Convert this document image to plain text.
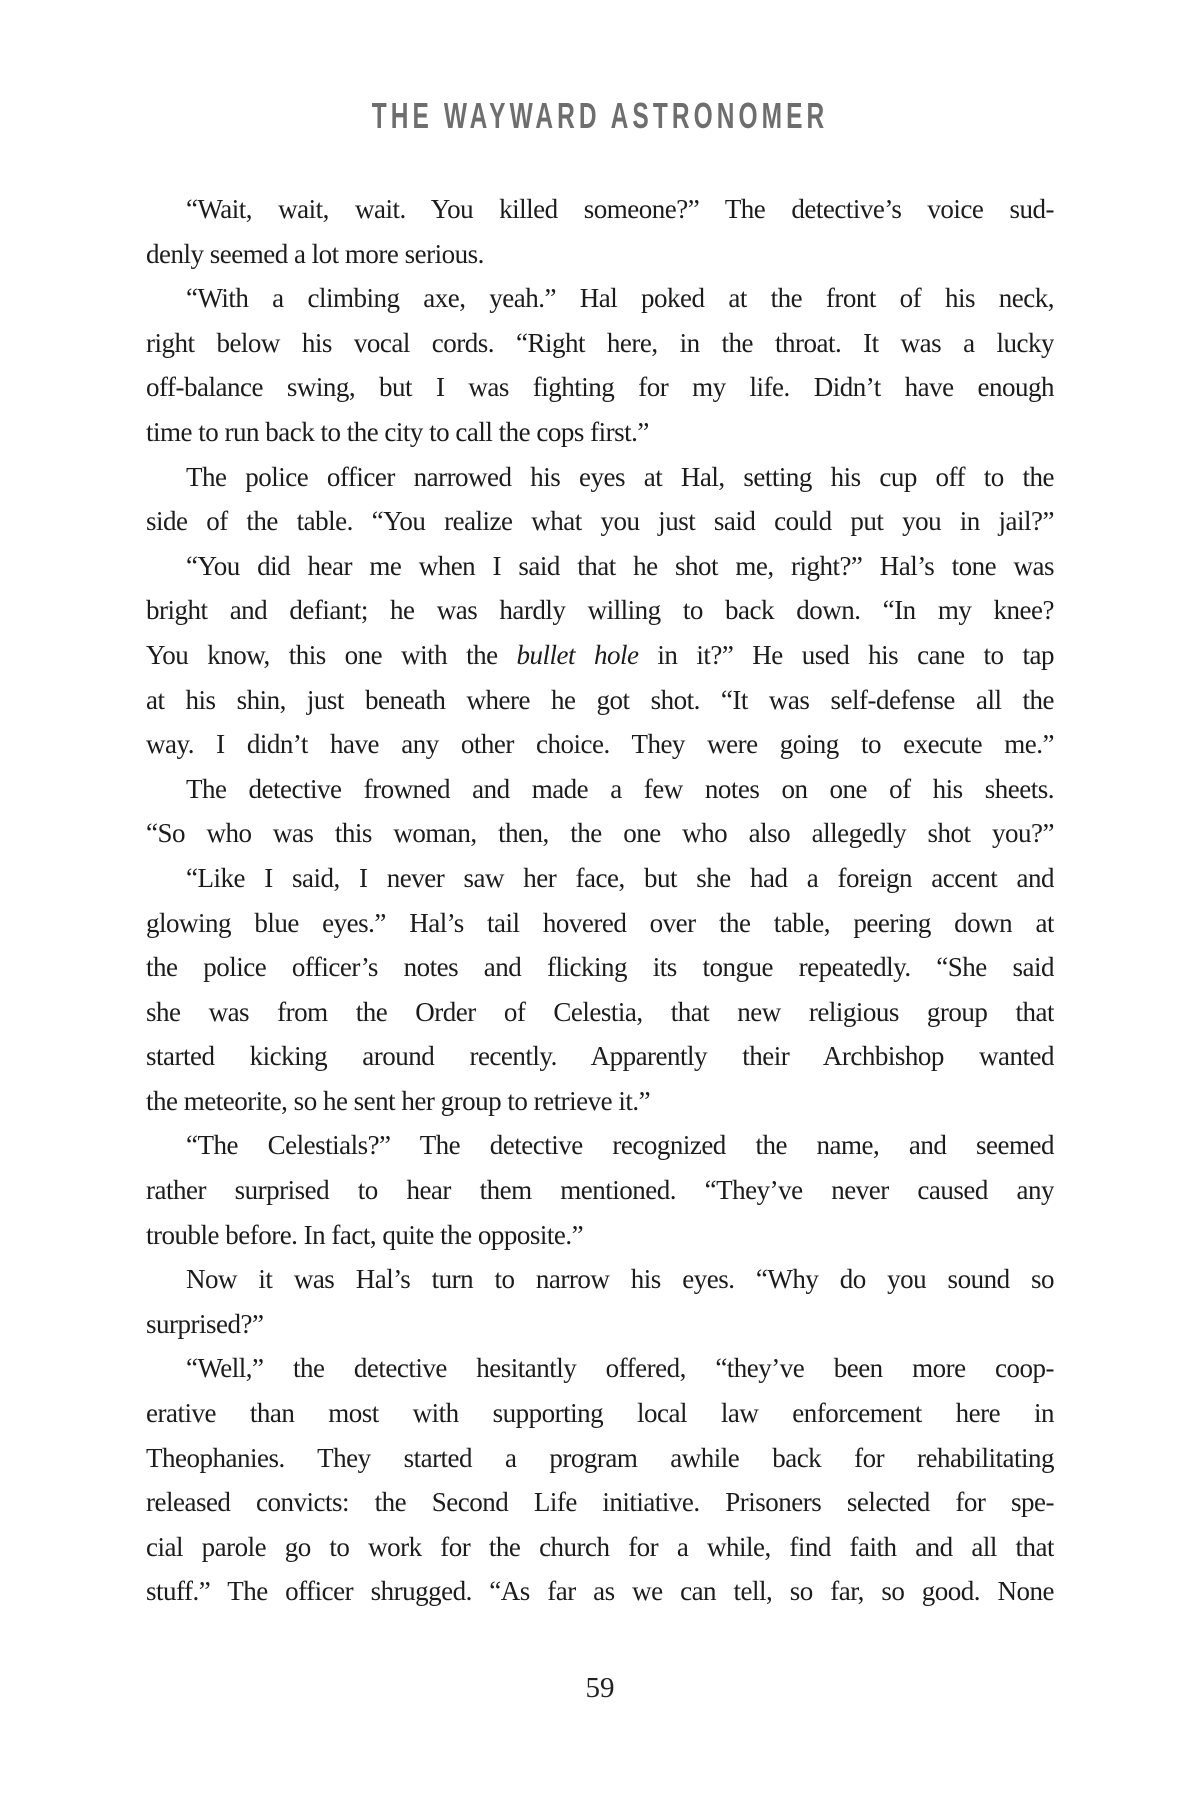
THE WAYWARD ASTRONOMER
“Wait, wait, wait. You killed someone?” The detective’s voice sud-
denly seemed a lot more serious.
“With a climbing axe, yeah.” Hal poked at the front of his neck,
right below his vocal cords. “Right here, in the throat. It was a lucky
off-balance swing, but I was fighting for my life. Didn’t have enough
time to run back to the city to call the cops first.”
The police officer narrowed his eyes at Hal, setting his cup off to the
side of the table. “You realize what you just said could put you in jail?”
“You did hear me when I said that he shot me, right?” Hal’s tone was
bright and defiant; he was hardly willing to back down. “In my knee?
You know, this one with the bullet hole in it?” He used his cane to tap
at his shin, just beneath where he got shot. “It was self-defense all the
way. I didn’t have any other choice. They were going to execute me.”
The detective frowned and made a few notes on one of his sheets.
“So who was this woman, then, the one who also allegedly shot you?”
“Like I said, I never saw her face, but she had a foreign accent and
glowing blue eyes.” Hal’s tail hovered over the table, peering down at
the police officer’s notes and flicking its tongue repeatedly. “She said
she was from the Order of Celestia, that new religious group that
started kicking around recently. Apparently their Archbishop wanted
the meteorite, so he sent her group to retrieve it.”
“The Celestials?” The detective recognized the name, and seemed
rather surprised to hear them mentioned. “They’ve never caused any
trouble before. In fact, quite the opposite.”
Now it was Hal’s turn to narrow his eyes. “Why do you sound so
surprised?”
“Well,” the detective hesitantly offered, “they’ve been more coop-
erative than most with supporting local law enforcement here in
Theophanies. They started a program awhile back for rehabilitating
released convicts: the Second Life initiative. Prisoners selected for spe-
cial parole go to work for the church for a while, find faith and all that
stuff.” The officer shrugged. “As far as we can tell, so far, so good. None
59
